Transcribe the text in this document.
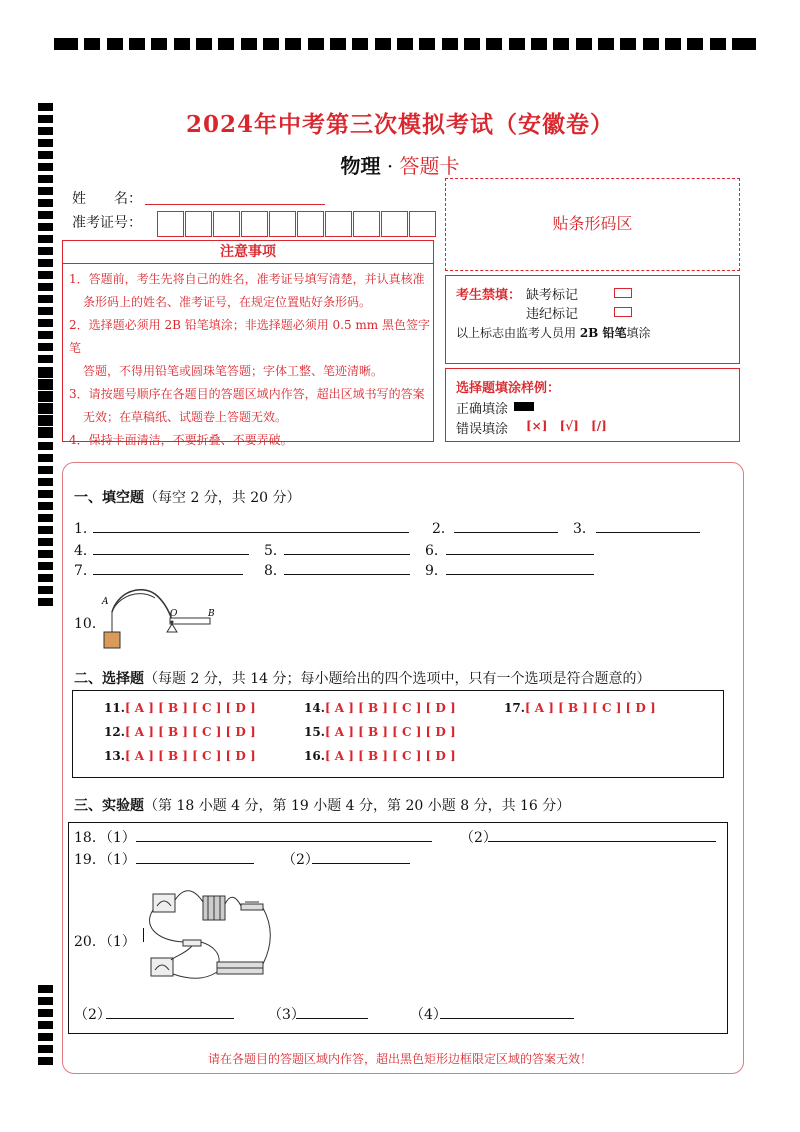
2024年中考第三次模拟考试（安徽卷）
物理 · 答题卡
姓　　名：
准考证号：	贴条形码区
注意事项
1．答题前，考生先将自己的姓名，准考证号填写清楚，并认真核准
条形码上的姓名、准考证号，在规定位置贴好条形码。
2．选择题必须用 2B 铅笔填涂；非选择题必须用 0.5 mm 黑色签字笔
答题，不得用铅笔或圆珠笔答题；字体工整、笔迹清晰。
3．请按题号顺序在各题目的答题区域内作答，超出区域书写的答案
无效；在草稿纸、试题卷上答题无效。
4．保持卡面清洁，不要折叠、不要弄破。
考生禁填： 缺考标记
违纪标记
以上标志由监考人员用 2B 铅笔填涂
选择题填涂样例：
正确填涂
错误填涂 [×] [√] [/]
一、填空题（每空 2 分，共 20 分）
1．	2．	3．
4．	5．	6．
7．	8．	9．
10．
A
O	B
二、选择题（每题 2 分，共 14 分；每小题给出的四个选项中，只有一个选项是符合题意的）
11.[ A ] [ B ] [ C ] [ D ]
12.[ A ] [ B ] [ C ] [ D ]
13.[ A ] [ B ] [ C ] [ D ]
14.[ A ] [ B ] [ C ] [ D ]
15.[ A ] [ B ] [ C ] [ D ]
16.[ A ] [ B ] [ C ] [ D ]
17.[ A ] [ B ] [ C ] [ D ]
三、实验题（第 18 小题 4 分，第 19 小题 4 分，第 20 小题 8 分，共 16 分）
18．（1）	（2）
19．（1）	（2）
20．（1）
（2）	（3）	（4）
请在各题目的答题区域内作答，超出黑色矩形边框限定区域的答案无效！
